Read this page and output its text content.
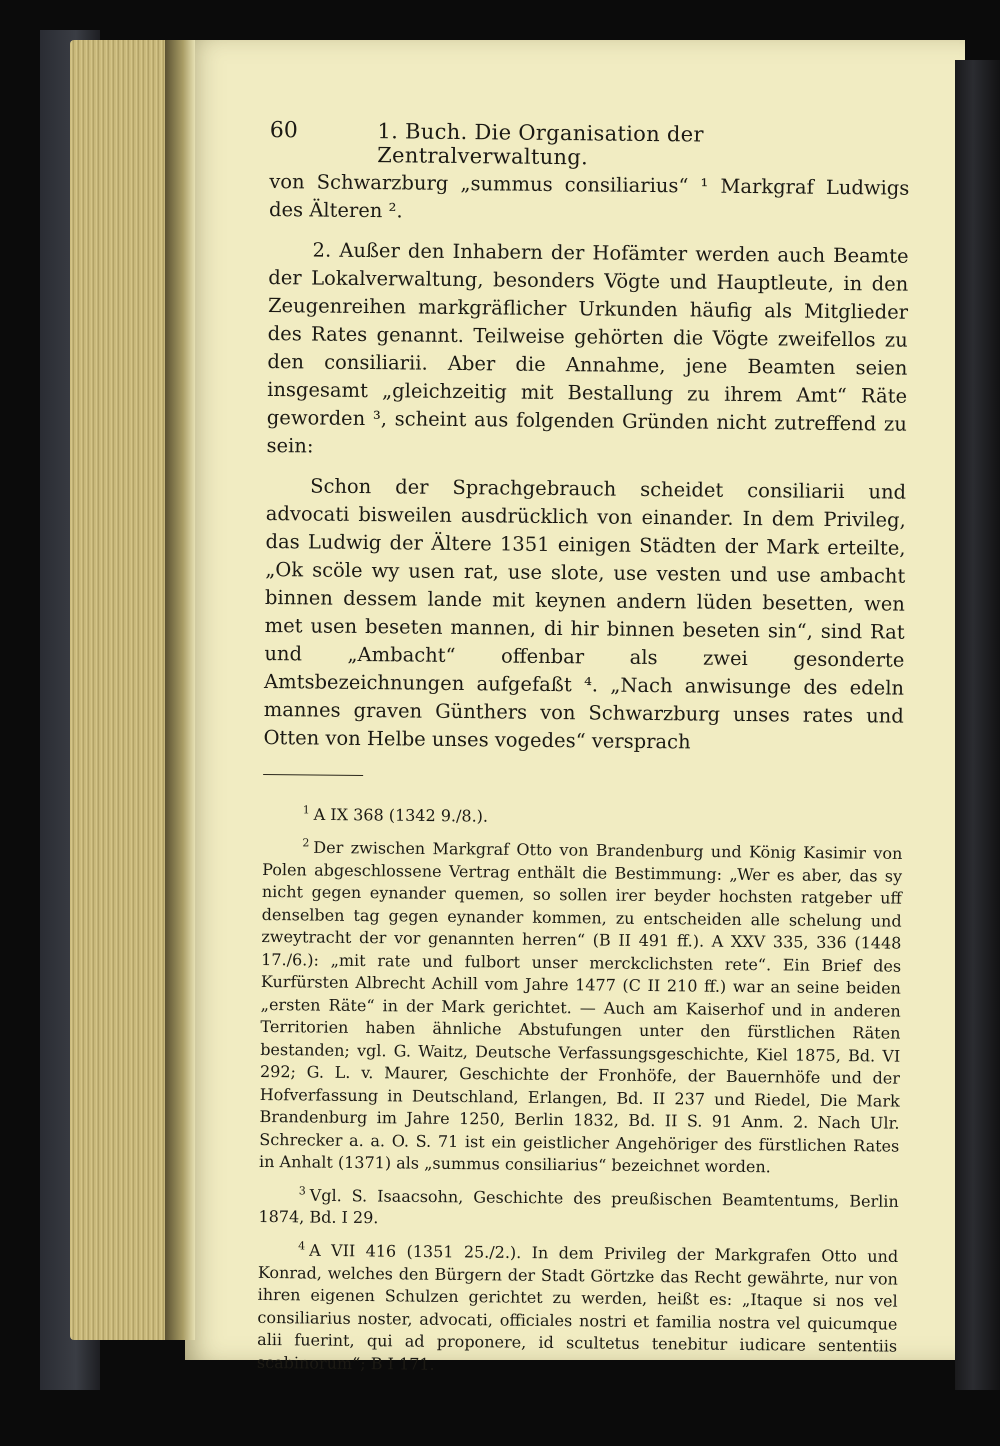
60	1. Buch. Die Organisation der Zentralverwaltung.

von Schwarzburg „summus consiliarius“ ¹ Markgraf Ludwigs des Älteren ².

2. Außer den Inhabern der Hofämter werden auch Beamte der Lokalverwaltung, besonders Vögte und Hauptleute, in den Zeugenreihen markgräflicher Urkunden häufig als Mitglieder des Rates genannt. Teilweise gehörten die Vögte zweifellos zu den consiliarii. Aber die Annahme, jene Beamten seien insgesamt „gleichzeitig mit Bestallung zu ihrem Amt“ Räte geworden ³, scheint aus folgenden Gründen nicht zutreffend zu sein:

Schon der Sprachgebrauch scheidet consiliarii und advocati bisweilen ausdrücklich von einander. In dem Privileg, das Ludwig der Ältere 1351 einigen Städten der Mark erteilte, „Ok scöle wy usen rat, use slote, use vesten und use ambacht binnen dessem lande mit keynen andern lüden besetten, wen met usen beseten mannen, di hir binnen beseten sin“, sind Rat und „Ambacht“ offenbar als zwei gesonderte Amtsbezeichnungen aufgefaßt ⁴. „Nach anwisunge des edeln mannes graven Günthers von Schwarzburg unses rates und Otten von Helbe unses vogedes“ versprach

$^1$ A IX 368 (1342 9./8.).

$^2$ Der zwischen Markgraf Otto von Brandenburg und König Kasimir von Polen abgeschlossene Vertrag enthält die Bestimmung: „Wer es aber, das sy nicht gegen eynander quemen, so sollen irer beyder hochsten ratgeber uff denselben tag gegen eynander kommen, zu entscheiden alle schelung und zweytracht der vor genannten herren“ (B II 491 ff.). A XXV 335, 336 (1448 17./6.): „mit rate und fulbort unser merckclichsten rete“. Ein Brief des Kurfürsten Albrecht Achill vom Jahre 1477 (C II 210 ff.) war an seine beiden „ersten Räte“ in der Mark gerichtet. — Auch am Kaiserhof und in anderen Territorien haben ähnliche Abstufungen unter den fürstlichen Räten bestanden; vgl. G. Waitz, Deutsche Verfassungsgeschichte, Kiel 1875, Bd. VI 292; G. L. v. Maurer, Geschichte der Fronhöfe, der Bauernhöfe und der Hofverfassung in Deutschland, Erlangen, Bd. II 237 und Riedel, Die Mark Brandenburg im Jahre 1250, Berlin 1832, Bd. II S. 91 Anm. 2. Nach Ulr. Schrecker a. a. O. S. 71 ist ein geistlicher Angehöriger des fürstlichen Rates in Anhalt (1371) als „summus consiliarius“ bezeichnet worden.

$^3$ Vgl. S. Isaacsohn, Geschichte des preußischen Beamtentums, Berlin 1874, Bd. I 29.

$^4$ A VII 416 (1351 25./2.). In dem Privileg der Markgrafen Otto und Konrad, welches den Bürgern der Stadt Görtzke das Recht gewährte, nur von ihren eigenen Schulzen gerichtet zu werden, heißt es: „Itaque si nos vel consiliarius noster, advocati, officiales nostri et familia nostra vel quicumque alii fuerint, qui ad proponere, id scultetus tenebitur iudicare sententiis scabinorum“; B I 171.
